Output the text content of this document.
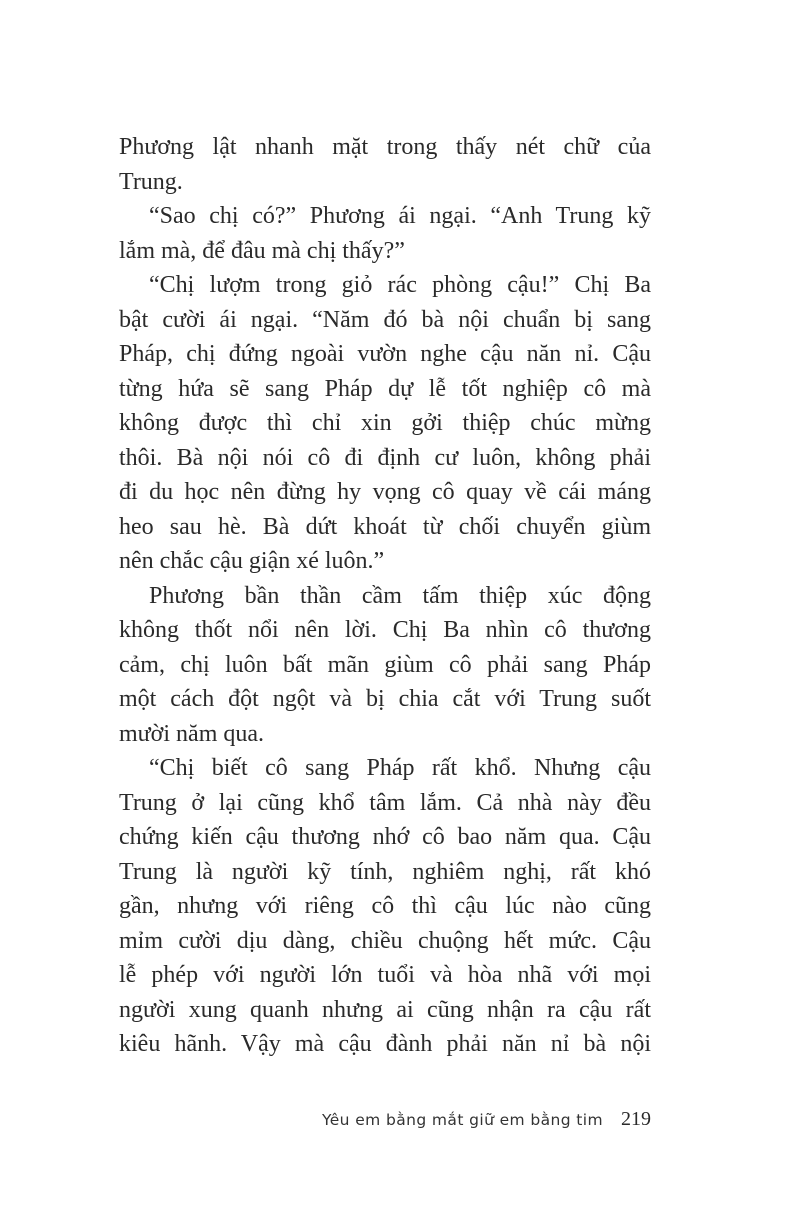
Phương lật nhanh mặt trong thấy nét chữ của
Trung.
“Sao chị có?” Phương ái ngại. “Anh Trung kỹ
lắm mà, để đâu mà chị thấy?”
“Chị lượm trong giỏ rác phòng cậu!” Chị Ba
bật cười ái ngại. “Năm đó bà nội chuẩn bị sang
Pháp, chị đứng ngoài vườn nghe cậu năn nỉ. Cậu
từng hứa sẽ sang Pháp dự lễ tốt nghiệp cô mà
không được thì chỉ xin gởi thiệp chúc mừng
thôi. Bà nội nói cô đi định cư luôn, không phải
đi du học nên đừng hy vọng cô quay về cái máng
heo sau hè. Bà dứt khoát từ chối chuyển giùm
nên chắc cậu giận xé luôn.”
Phương bần thần cầm tấm thiệp xúc động
không thốt nổi nên lời. Chị Ba nhìn cô thương
cảm, chị luôn bất mãn giùm cô phải sang Pháp
một cách đột ngột và bị chia cắt với Trung suốt
mười năm qua.
“Chị biết cô sang Pháp rất khổ. Nhưng cậu
Trung ở lại cũng khổ tâm lắm. Cả nhà này đều
chứng kiến cậu thương nhớ cô bao năm qua. Cậu
Trung là người kỹ tính, nghiêm nghị, rất khó
gần, nhưng với riêng cô thì cậu lúc nào cũng
mỉm cười dịu dàng, chiều chuộng hết mức. Cậu
lễ phép với người lớn tuổi và hòa nhã với mọi
người xung quanh nhưng ai cũng nhận ra cậu rất
kiêu hãnh. Vậy mà cậu đành phải năn nỉ bà nội
Yêu em bằng mắt giữ em bằng tim 219
